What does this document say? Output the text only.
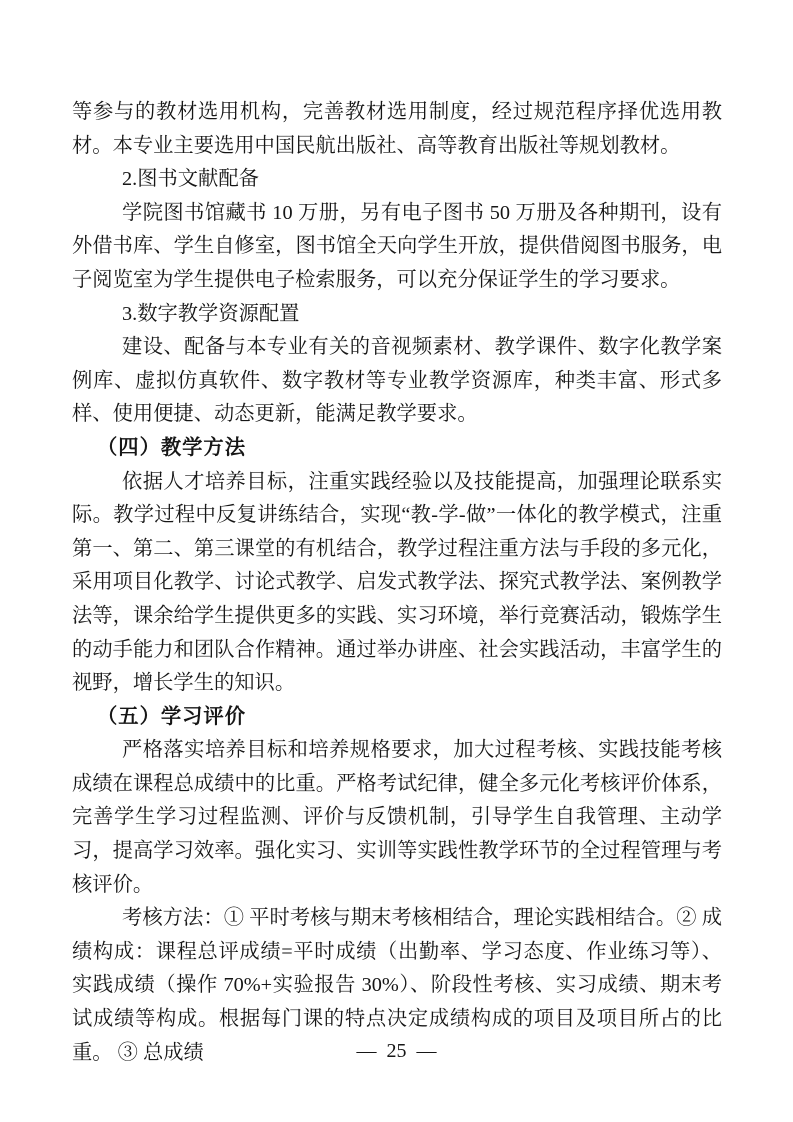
等参与的教材选用机构，完善教材选用制度，经过规范程序择优选用教材。本专业主要选用中国民航出版社、高等教育出版社等规划教材。

2.图书文献配备

学院图书馆藏书 10 万册，另有电子图书 50 万册及各种期刊，设有外借书库、学生自修室，图书馆全天向学生开放，提供借阅图书服务，电子阅览室为学生提供电子检索服务，可以充分保证学生的学习要求。

3.数字教学资源配置

建设、配备与本专业有关的音视频素材、教学课件、数字化教学案例库、虚拟仿真软件、数字教材等专业教学资源库，种类丰富、形式多样、使用便捷、动态更新，能满足教学要求。

（四）教学方法

依据人才培养目标，注重实践经验以及技能提高，加强理论联系实际。教学过程中反复讲练结合，实现“教-学-做”一体化的教学模式，注重第一、第二、第三课堂的有机结合，教学过程注重方法与手段的多元化，采用项目化教学、讨论式教学、启发式教学法、探究式教学法、案例教学法等，课余给学生提供更多的实践、实习环境，举行竞赛活动，锻炼学生的动手能力和团队合作精神。通过举办讲座、社会实践活动，丰富学生的视野，增长学生的知识。

（五）学习评价

严格落实培养目标和培养规格要求，加大过程考核、实践技能考核成绩在课程总成绩中的比重。严格考试纪律，健全多元化考核评价体系，完善学生学习过程监测、评价与反馈机制，引导学生自我管理、主动学习，提高学习效率。强化实习、实训等实践性教学环节的全过程管理与考核评价。

考核方法：① 平时考核与期末考核相结合，理论实践相结合。② 成绩构成：课程总评成绩=平时成绩（出勤率、学习态度、作业练习等）、实践成绩（操作 70%+实验报告 30%）、阶段性考核、实习成绩、期末考试成绩等构成。根据每门课的特点决定成绩构成的项目及项目所占的比重。 ③ 总成绩	— 25 —
